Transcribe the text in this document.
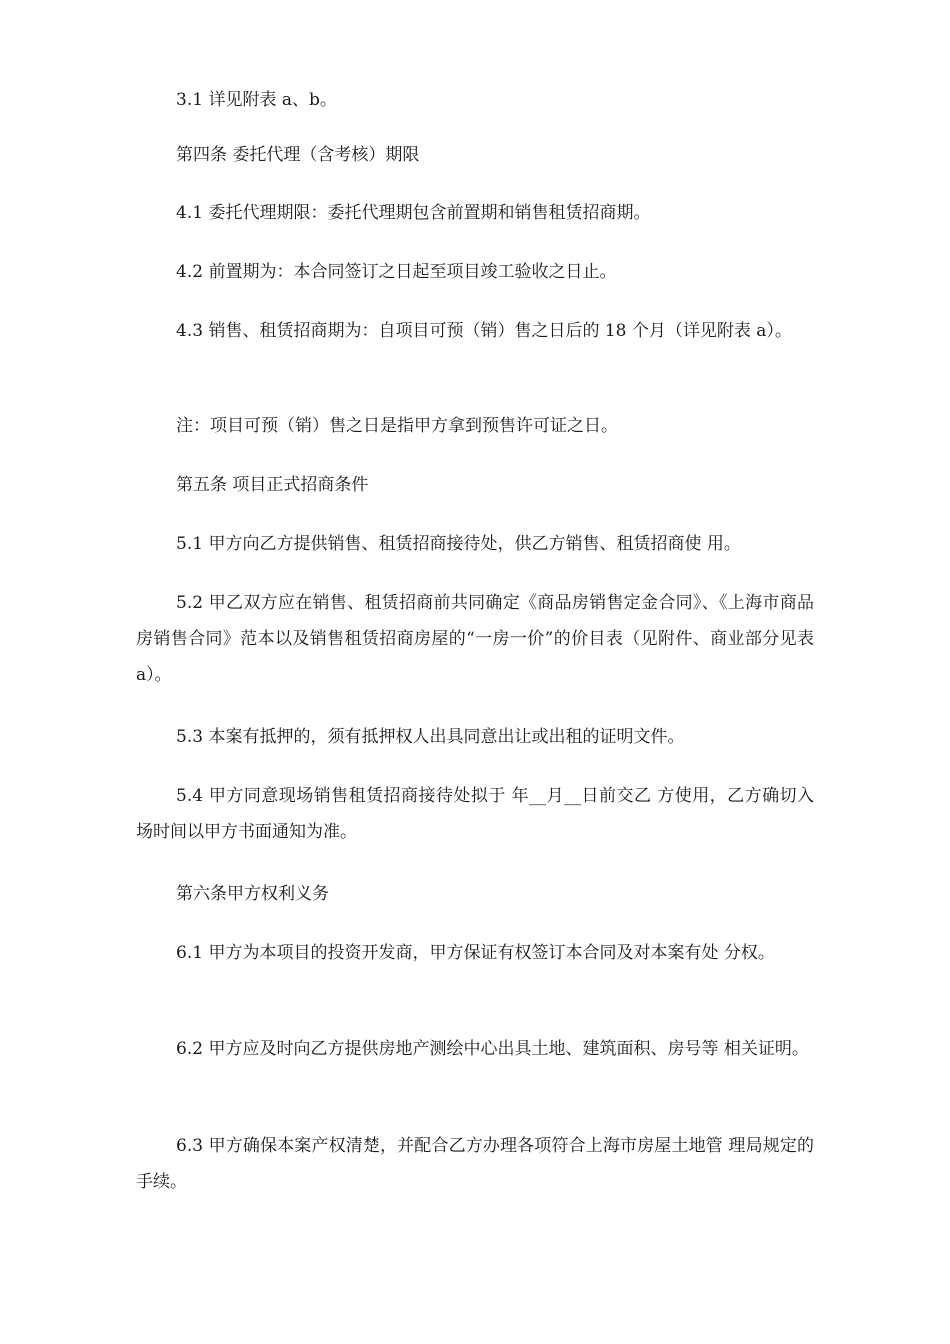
3.1 详见附表 a、b。

第四条 委托代理（含考核）期限

4.1 委托代理期限：委托代理期包含前置期和销售租赁招商期。

4.2 前置期为：本合同签订之日起至项目竣工验收之日止。

4.3 销售、租赁招商期为：自项目可预（销）售之日后的 18 个月（详见附表 a）。

注：项目可预（销）售之日是指甲方拿到预售许可证之日。

第五条 项目正式招商条件

5.1 甲方向乙方提供销售、租赁招商接待处，供乙方销售、租赁招商使 用。

5.2 甲乙双方应在销售、租赁招商前共同确定《商品房销售定金合同》、《上海市商品房销售合同》范本以及销售租赁招商房屋的“一房一价”的价目表（见附件、商业部分见表 a）。

5.3 本案有抵押的，须有抵押权人出具同意出让或出租的证明文件。

5.4 甲方同意现场销售租赁招商接待处拟于 年__月__日前交乙 方使用，乙方确切入场时间以甲方书面通知为准。

第六条甲方权利义务

6.1 甲方为本项目的投资开发商，甲方保证有权签订本合同及对本案有处 分权。

6.2 甲方应及时向乙方提供房地产测绘中心出具土地、建筑面积、房号等 相关证明。

6.3 甲方确保本案产权清楚，并配合乙方办理各项符合上海市房屋土地管 理局规定的手续。
